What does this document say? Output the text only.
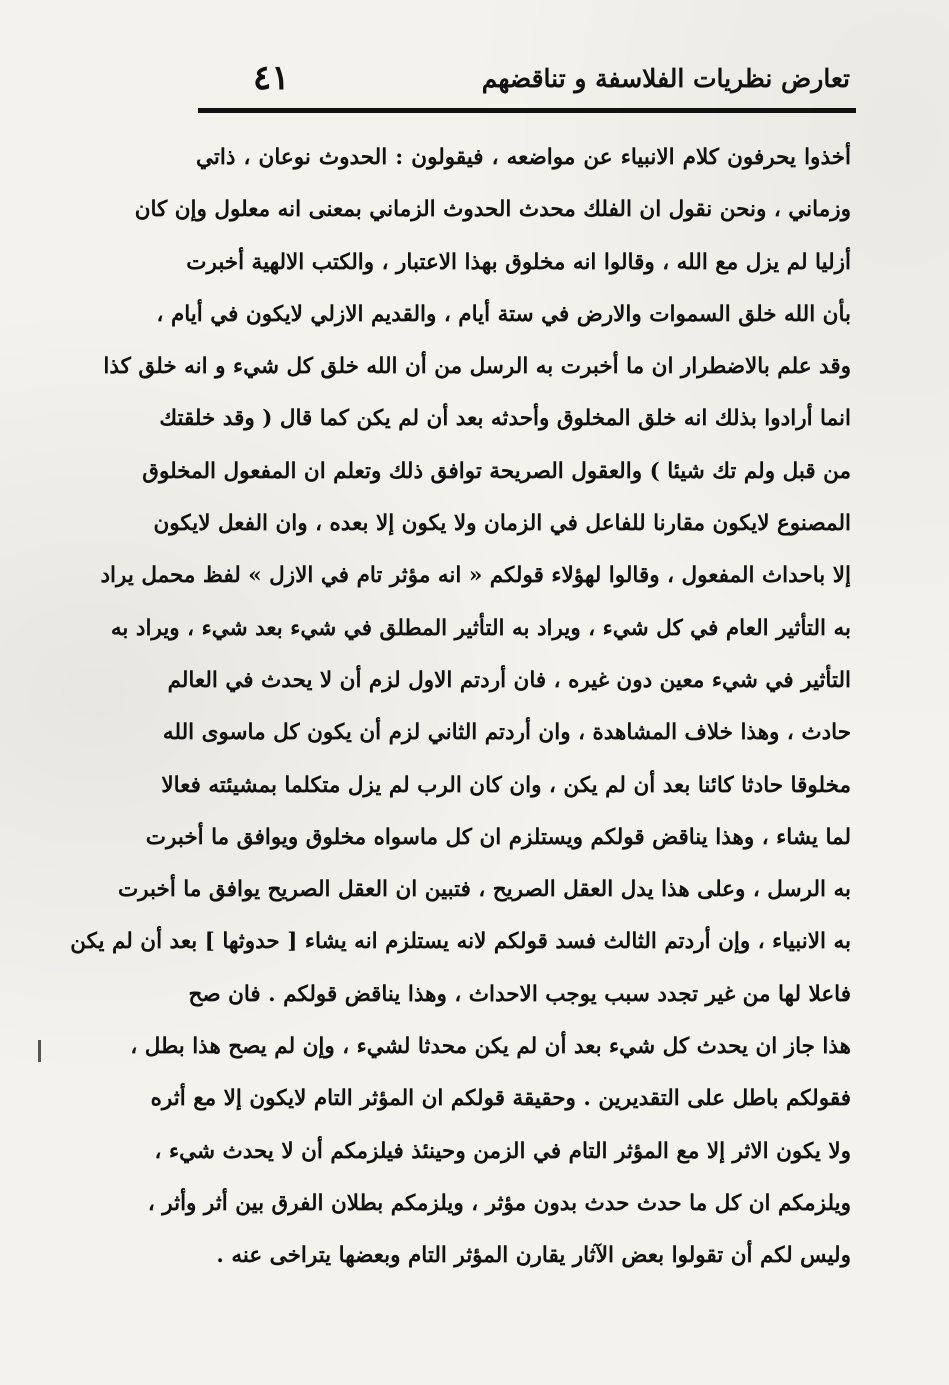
تعارض نظريات الفلاسفة و تناقضهم
٤١
أخذوا يحرفون كلام الانبياء عن مواضعه ، فيقولون : الحدوث نوعان ، ذاتي
وزماني ، ونحن نقول ان الفلك محدث الحدوث الزماني بمعنى انه معلول وإن كان
أزليا لم يزل مع الله ، وقالوا انه مخلوق بهذا الاعتبار ، والكتب الالهية أخبرت
بأن الله خلق السموات والارض في ستة أيام ، والقديم الازلي لايكون في أيام ،
وقد علم بالاضطرار ان ما أخبرت به الرسل من أن الله خلق كل شيء و انه خلق كذا
انما أرادوا بذلك انه خلق المخلوق وأحدثه بعد أن لم يكن كما قال ( وقد خلقتك
من قبل ولم تك شيئا ) والعقول الصريحة توافق ذلك وتعلم ان المفعول المخلوق
المصنوع لايكون مقارنا للفاعل في الزمان ولا يكون إلا بعده ، وان الفعل لايكون
إلا باحداث المفعول ، وقالوا لهؤلاء قولكم « انه مؤثر تام في الازل » لفظ محمل يراد
به التأثير العام في كل شيء ، ويراد به التأثير المطلق في شيء بعد شيء ، ويراد به
التأثير في شيء معين دون غيره ، فان أردتم الاول لزم أن لا يحدث في العالم
حادث ، وهذا خلاف المشاهدة ، وان أردتم الثاني لزم أن يكون كل ماسوى الله
مخلوقا حادثا كائنا بعد أن لم يكن ، وان كان الرب لم يزل متكلما بمشيئته فعالا
لما يشاء ، وهذا يناقض قولكم ويستلزم ان كل ماسواه مخلوق ويوافق ما أخبرت
به الرسل ، وعلى هذا يدل العقل الصريح ، فتبين ان العقل الصريح يوافق ما أخبرت
به الانبياء ، وإن أردتم الثالث فسد قولكم لانه يستلزم انه يشاء [ حدوثها ] بعد أن لم يكن
فاعلا لها من غير تجدد سبب يوجب الاحداث ، وهذا يناقض قولكم . فان صح
هذا جاز ان يحدث كل شيء بعد أن لم يكن محدثا لشيء ، وإن لم يصح هذا بطل ،
فقولكم باطل على التقديرين . وحقيقة قولكم ان المؤثر التام لايكون إلا مع أثره
ولا يكون الاثر إلا مع المؤثر التام في الزمن وحينئذ فيلزمكم أن لا يحدث شيء ،
ويلزمكم ان كل ما حدث حدث بدون مؤثر ، ويلزمكم بطلان الفرق بين أثر وأثر ،
وليس لكم أن تقولوا بعض الآثار يقارن المؤثر التام وبعضها يتراخى عنه .
